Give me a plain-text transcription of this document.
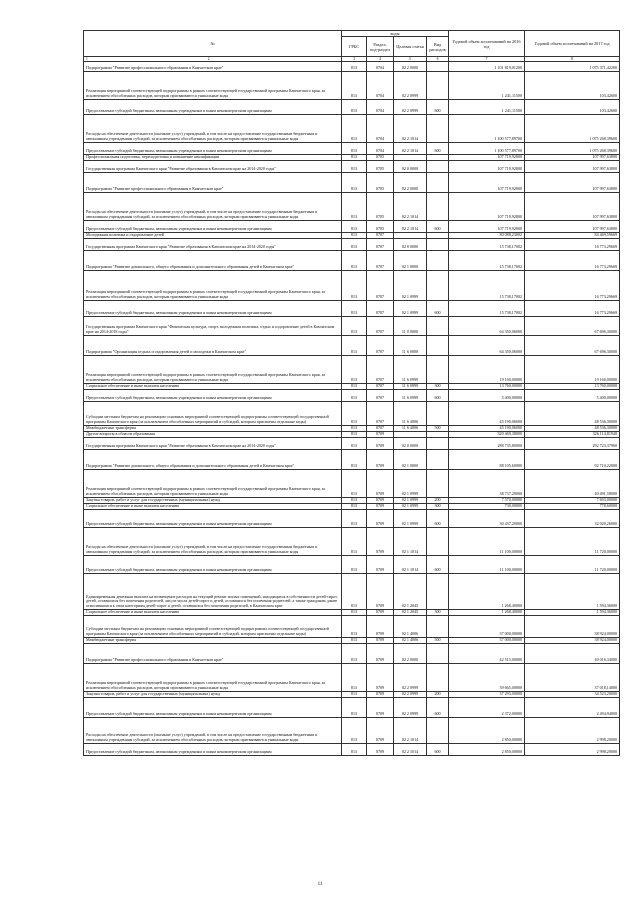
№	коды				Годовой объем ассигнований на 2016 год	Годовой объем ассигнований на 2017 год
	ГРБС	Раздел, под-раздел	Целевая статья	Вид расходов		
1 2	3	4	5	6	7	8
Подпрограмма "Развитие профессионального образования в Камчатском крае"	813	0704	02 2 0000		1 101 819,01200	1 075 371,42200
Реализация мероприятий соответствующей подпрограммы в рамках соответствующей государственной программы Камчатского края, за исключением обособленных расходов, которым присваиваются уникальные коды	813	0704	02 2 0999		1 241,11500	103,42600
Предоставление субсидий бюджетным, автономным учреждениям и иным некоммерческим организациям	813	0704	02 2 0999	600	1 241,11500	103,42600
Расходы на обеспечение деятельности (оказание услуг) учреждений, в том числе на предоставление государственным бюджетным и автономным учреждениям субсидий, за исключением обособленных расходов, которым присваиваются уникальные коды	813	0704	02 2 1014		1 100 577,89700	1 075 268,39600
Предоставление субсидий бюджетным, автономным учреждениям и иным некоммерческим организациям	813	0704	02 2 1014	600	1 100 577,89700	1 075 268,39600
Профессиональная подготовка, переподготовка и повышение квалификации	813	0705			107 719,92800	107 997,63800
Государственная программа Камчатского края "Развитие образования в Камчатском крае на 2014-2020 годы"	813	0705	02 0 0000		107 719,92800	107 997,63800
Подпрограмма "Развитие профессионального образования в Камчатском крае"	813	0705	02 2 0000		107 719,92800	107 997,63800
Расходы на обеспечение деятельности (оказание услуг) учреждений, в том числе на предоставление государственным бюджетным и автономным учреждениям субсидий, за исключением обособленных расходов, которым присваиваются уникальные коды	813	0705	02 2 1014		107 719,92800	107 997,63800
Предоставление субсидий бюджетным, автономным учреждениям и иным некоммерческим организациям	813	0705	02 2 1014	600	107 719,92800	107 997,63800
Молодежная политика и оздоровление детей	813	0707			80 088,23002	84 469,59669
Государственная программа Камчатского края "Развитие образования в Камчатском крае на 2014-2020 годы"	813	0707	02 0 0000		15 738,17002	16 773,29669
Подпрограмма "Развитие дошкольного, общего образования и дополнительного образования детей в Камчатском крае"	813	0707	02 1 0000		15 738,17002	16 773,29669
Реализация мероприятий соответствующей подпрограммы в рамках соответствующей государственной программы Камчатского края, за исключением обособленных расходов, которым присваиваются уникальные коды	813	0707	02 1 0999		15 738,17002	16 773,29669
Предоставление субсидий бюджетным, автономным учреждениям и иным некоммерческим организациям	813	0707	02 1 0999	600	15 738,17002	16 773,29669
Государственная программа Камчатского края "Физическая культура, спорт, молодежная политика, отдых и оздоровление детей в Камчатском крае на 2014-2018 годы"	813	0707	11 0 0000		64 350,06000	67 696,30000
Подпрограмма "Организация отдыха и оздоровления детей и молодежи в Камчатском крае"	813	0707	11 6 0000		64 350,06000	67 696,30000
Реализация мероприятий соответствующей подпрограммы в рамках соответствующей государственной программы Камчатского края, за исключением обособленных расходов, которым присваиваются уникальные коды	813	0707	11 6 0999		19 160,00000	19 160,00000
Социальное обеспечение и иные выплаты населению	813	0707	11 6 0999	300	13 760,00000	13 760,00000
Предоставление субсидий бюджетным, автономным учреждениям и иным некоммерческим организациям	813	0707	11 6 0999	600	5 400,00000	5 400,00000
Субсидии местным бюджетам на реализацию основных мероприятий соответствующей подпрограммы соответствующей государственной программы Камчатского края (за исключением обособленных мероприятий и субсидий, которым присвоены отдельные коды)	813	0707	11 6 4006		45 190,06000	48 536,30000
Межбюджетные трансферты	813	0707	11 6 4006	500	45 190,06000	48 536,30000
Другие вопросы в области образования	813	0709			320 469,38000	326 114,81940
Государственная программа Камчатского края "Развитие образования в Камчатском крае на 2014-2020 годы"	813	0709	02 0 0000		288 735,80000	292 723,37960
Подпрограмма "Развитие дошкольного, общего образования и дополнительного образования детей в Камчатском крае"	813	0709	02 1 0000		88 105,60000	92 710,22000
Реализация мероприятий соответствующей подпрограммы в рамках соответствующей государственной программы Камчатского края, за исключением обособленных расходов, которым присваиваются уникальные коды	813	0709	02 1 0999		38 737,20000	40 491,58000
Закупка товаров, работ и услуг для государственных (муниципальных) нужд	813	0709	02 1 0999	200	7 570,00000	7 693,00000
Социальное обеспечение и иные выплаты населению	813	0709	02 1 0999	300	730,00000	778,60000
Предоставление субсидий бюджетным, автономным учреждениям и иным некоммерческим организациям	813	0709	02 1 0999	600	30 437,20000	32 020,26000
Расходы на обеспечение деятельности (оказание услуг) учреждений, в том числе на предоставление государственным бюджетным и автономным учреждениям субсидий, за исключением обособленных расходов, которым присваиваются уникальные коды	813	0709	02 1 1014		11 100,00000	11 720,00000
Предоставление субсидий бюджетным, автономным учреждениям и иным некоммерческим организациям	813	0709	02 1 1014	600	11 100,00000	11 720,00000
Единовременная денежная выплата на возмещение расходов на текущий ремонт жилых помещений, находящихся в собственности детей-сирот, детей, оставшихся без попечения родителей, лиц из числа детей-сирот и детей, оставшихся без попечения родителей, а также гражданам, ранее относившимся к этим категориям детей-сирот и детей, оставшихся без попечения родителей, в Камчатском крае	813	0709	02 1 2045		1 268,40000	1 594,36000
Социальное обеспечение и иные выплаты населению	813	0709	02 1 2045	300	1 268,40000	1 594,36000
Субсидии местным бюджетам на реализацию основных мероприятий соответствующей подпрограммы соответствующей государственной программы Камчатского края (за исключением обособленных мероприятий и субсидий, которым присвоены отдельные коды)	813	0709	02 1 4006		37 000,00000	38 924,00000
Межбюджетные трансферты	813	0709	02 1 4006	500	37 000,00000	38 924,00000
Подпрограмма "Развитие профессионального образования в Камчатском крае"	813	0709	02 2 0000		42 515,00000	40 016,34000
Реализация мероприятий соответствующей подпрограммы в рамках соответствующей государственной программы Камчатского края, за исключением обособленных расходов, которым присваиваются уникальные коды	813	0709	02 2 0999		39 665,00000	37 018,14000
Закупка товаров, работ и услуг для государственных (муниципальных) нужд	813	0709	02 2 0999	200	37 293,00000	34 523,20000
Предоставление субсидий бюджетным, автономным учреждениям и иным некоммерческим организациям	813	0709	02 2 0999	600	2 372,00000	2 494,94000
Расходы на обеспечение деятельности (оказание услуг) учреждений, в том числе на предоставление государственным бюджетным и автономным учреждениям субсидий, за исключением обособленных расходов, которым присваиваются уникальные коды	813	0709	02 2 1014		2 850,00000	2 998,20000
Предоставление субсидий бюджетным, автономным учреждениям и иным некоммерческим организациям	813	0709	02 2 1014	600	2 850,00000	2 998,20000
11
